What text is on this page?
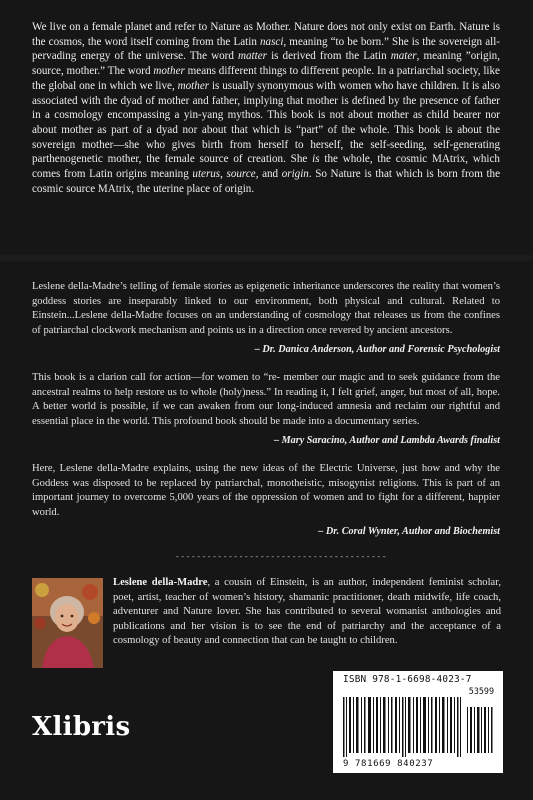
We live on a female planet and refer to Nature as Mother. Nature does not only exist on Earth. Nature is the cosmos, the word itself coming from the Latin nasci, meaning “to be born.” She is the sovereign all-pervading energy of the universe. The word matter is derived from the Latin mater, meaning ”origin, source, mother.” The word mother means different things to different people. In a patriarchal society, like the global one in which we live, mother is usually synonymous with women who have children. It is also associated with the dyad of mother and father, implying that mother is defined by the presence of father in a cosmology encompassing a yin-yang mythos. This book is not about mother as child bearer nor about mother as part of a dyad nor about that which is “part” of the whole. This book is about the sovereign mother—she who gives birth from herself to herself, the self-seeding, self-generating parthenogenetic mother, the female source of creation. She is the whole, the cosmic MAtrix, which comes from Latin origins meaning uterus, source, and origin. So Nature is that which is born from the cosmic source MAtrix, the uterine place of origin.

Leslene della-Madre’s telling of female stories as epigenetic inheritance underscores the reality that women’s goddess stories are inseparably linked to our environment, both physical and cultural. Related to Einstein...Leslene della-Madre focuses on an understanding of cosmology that releases us from the confines of patriarchal clockwork mechanism and points us in a direction once revered by ancient ancestors.

– Dr. Danica Anderson, Author and Forensic Psychologist

This book is a clarion call for action—for women to “re- member our magic and to seek guidance from the ancestral realms to help restore us to whole (holy)ness.” In reading it, I felt grief, anger, but most of all, hope. A better world is possible, if we can awaken from our long-induced amnesia and reclaim our rightful and essential place in the world. This profound book should be made into a documentary series.

– Mary Saracino, Author and Lambda Awards finalist

Here, Leslene della-Madre explains, using the new ideas of the Electric Universe, just how and why the Goddess was disposed to be replaced by patriarchal, monotheistic, misogynist religions. This is part of an important journey to overcome 5,000 years of the oppression of women and to fight for a different, happier world.

– Dr. Coral Wynter, Author and Biochemist
----------------------------------------
Leslene della-Madre, a cousin of Einstein, is an author, independent feminist scholar, poet, artist, teacher of women’s history, shamanic practitioner, death midwife, life coach, adventurer and Nature lover. She has contributed to several womanist anthologies and publications and her vision is to see the end of patriarchy and the acceptance of a cosmology of beauty and connection that can be taught to children.
Xlibris
ISBN 978-1-6698-4023-7
53599
9 781669 840237
